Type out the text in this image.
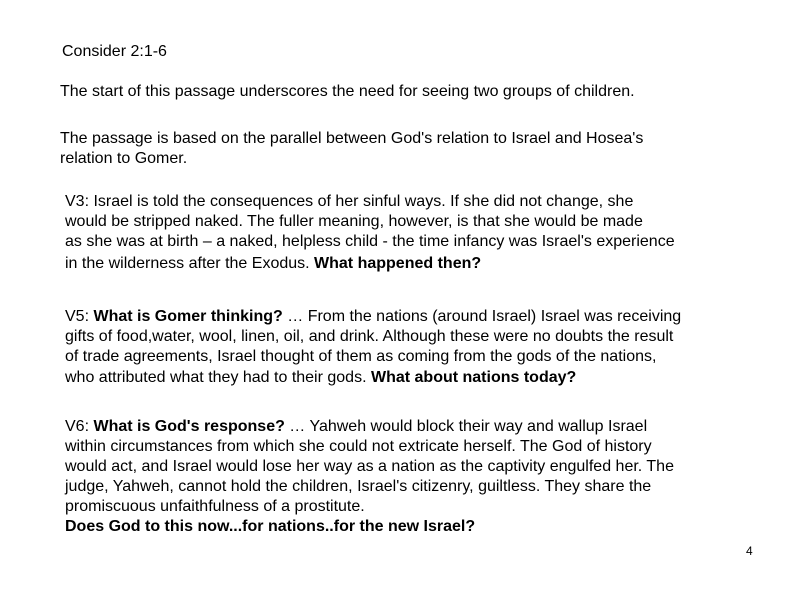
Consider 2:1-6
The start of this passage underscores the need for seeing two groups of children.
The passage is based on the parallel between God's relation to Israel and Hosea's
relation to Gomer.
V3: Israel is told the consequences of her sinful ways. If she did not change, she
would be stripped naked. The fuller meaning, however, is that she would be made
as she was at birth – a naked, helpless child - the time infancy was Israel's experience
in the wilderness after the Exodus. What happened then?
V5: What is Gomer thinking? … From the nations (around Israel) Israel was receiving
gifts of food,water, wool, linen, oil, and drink. Although these were no doubts the result
of trade agreements, Israel thought of them as coming from the gods of the nations,
who attributed what they had to their gods. What about nations today?
V6: What is God's response? … Yahweh would block their way and wallup Israel
within circumstances from which she could not extricate herself. The God of history
would act, and Israel would lose her way as a nation as the captivity engulfed her. The
judge, Yahweh, cannot hold the children, Israel's citizenry, guiltless. They share the
promiscuous unfaithfulness of a prostitute.
Does God to this now...for nations..for the new Israel?
4
